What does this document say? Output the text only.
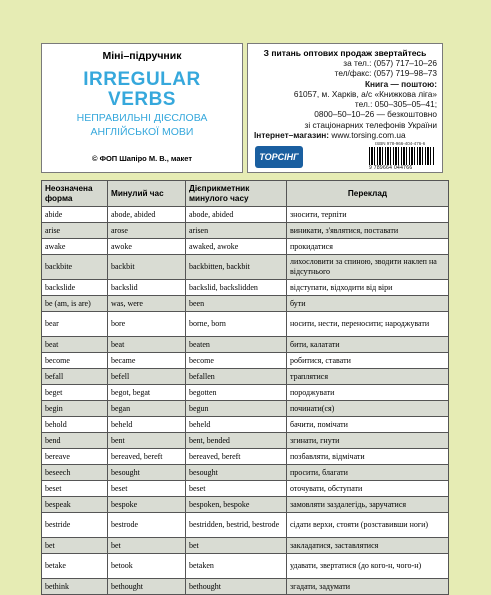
Міні–підручник
IRREGULAR
VERBS
НЕПРАВИЛЬНІ ДІЄСЛОВА
АНГЛІЙСЬКОЇ МОВИ
© ФОП Шапіро М. В., макет
З питань оптових продаж звертайтесь
за тел.: (057) 717–10–26
тел/факс: (057) 719–98–73
Книга — поштою:
61057, м. Харків, а/с «Книжкова ліга»
тел.: 050–305–05–41;
0800–50–10–26 — безкоштовно
зі стаціонарних телефонів України
Інтернет–магазин: www.torsing.com.ua
ТОРСІНГ
ISBN 978-966-404-476-6
9 789664 044766
Неозначена форма	Минулий час	Дієприкметник минулого часу	Переклад
abide	abode, abided	abode, abided	зносити, терпіти
arise	arose	arisen	виникати, з'являтися, поставати
awake	awoke	awaked, awoke	прокидатися
backbite	backbit	backbitten, backbit	лихословити за спиною, зводити наклеп на відсутнього
backslide	backslid	backslid, backslidden	відступати, відходити від віри
be (am, is are)	was, were	been	бути
bear	bore	borne, born	носити, нести, переносити; народжувати
beat	beat	beaten	бити, калатати
become	became	become	робитися, ставати
befall	befell	befallen	траплятися
beget	begot, begat	begotten	породжувати
begin	began	begun	починати(ся)
behold	beheld	beheld	бачити, помічати
bend	bent	bent, bended	згинати, гнути
bereave	bereaved, bereft	bereaved, bereft	позбавляти, відмічати
beseech	besought	besought	просити, благати
beset	beset	beset	оточувати, обступати
bespeak	bespoke	bespoken, bespoke	замовляти заздалегідь, заручатися
bestride	bestrode	bestridden, bestrid, bestrode	сідати верхи, стояти (розставивши ноги)
bet	bet	bet	закладатися, заставлятися
betake	betook	betaken	удавати, звертатися (до кого-н, чого-н)
bethink	bethought	bethought	згадати, задумати
